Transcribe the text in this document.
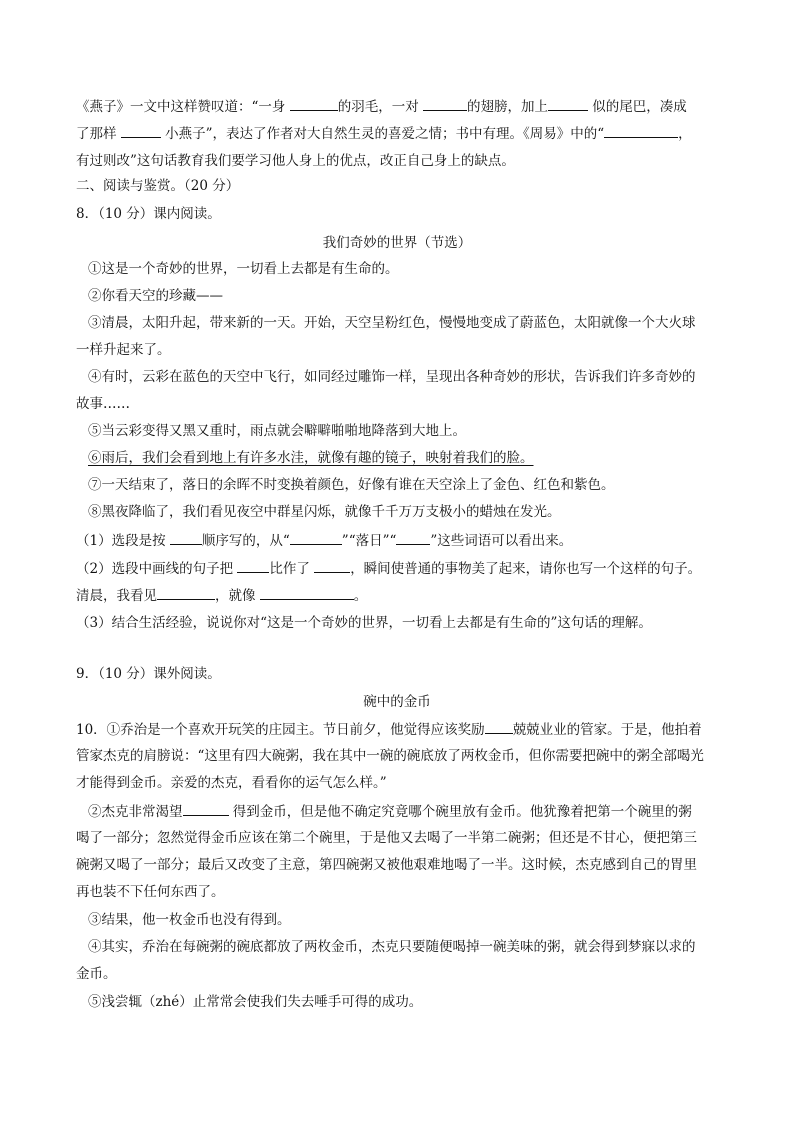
《燕子》一文中这样赞叹道：“一身	的羽毛，一对	的翅膀，加上	似的尾巴，凑成
了那样	小燕子”，表达了作者对大自然生灵的喜爱之情；书中有理。《周易》中的“	，
有过则改”这句话教育我们要学习他人身上的优点，改正自己身上的缺点。
二、阅读与鉴赏。（20 分）
8．（10 分）课内阅读。
我们奇妙的世界（节选）
①这是一个奇妙的世界，一切看上去都是有生命的。
②你看天空的珍藏——
③清晨，太阳升起，带来新的一天。开始，天空呈粉红色，慢慢地变成了蔚蓝色，太阳就像一个大火球
一样升起来了。
④有时，云彩在蓝色的天空中飞行，如同经过雕饰一样，呈现出各种奇妙的形状，告诉我们许多奇妙的
故事……
⑤当云彩变得又黑又重时，雨点就会噼噼啪啪地降落到大地上。
⑥雨后，我们会看到地上有许多水洼，就像有趣的镜子，映射着我们的脸。
⑦一天结束了，落日的余晖不时变换着颜色，好像有谁在天空涂上了金色、红色和紫色。
⑧黑夜降临了，我们看见夜空中群星闪烁，就像千千万万支极小的蜡烛在发光。
（1）选段是按 顺序写的，从“	”“落日”“	”这些词语可以看出来。
（2）选段中画线的句子把 比作了	，瞬间使普通的事物美了起来，请你也写一个这样的句子。
清晨，我看见	，就像	。
（3）结合生活经验，说说你对“这是一个奇妙的世界，一切看上去都是有生命的”这句话的理解。
9．（10 分）课外阅读。
碗中的金币
10．①乔治是一个喜欢开玩笑的庄园主。节日前夕，他觉得应该奖励 兢兢业业的管家。于是，他拍着
管家杰克的肩膀说：“这里有四大碗粥，我在其中一碗的碗底放了两枚金币，但你需要把碗中的粥全部喝光
才能得到金币。亲爱的杰克，看看你的运气怎么样。”
②杰克非常渴望	得到金币，但是他不确定究竟哪个碗里放有金币。他犹豫着把第一个碗里的粥
喝了一部分；忽然觉得金币应该在第二个碗里，于是他又去喝了一半第二碗粥；但还是不甘心，便把第三
碗粥又喝了一部分；最后又改变了主意，第四碗粥又被他艰难地喝了一半。这时候，杰克感到自己的胃里
再也装不下任何东西了。
③结果，他一枚金币也没有得到。
④其实，乔治在每碗粥的碗底都放了两枚金币，杰克只要随便喝掉一碗美味的粥，就会得到梦寐以求的
金币。
⑤浅尝辄（zhé）止常常会使我们失去唾手可得的成功。
